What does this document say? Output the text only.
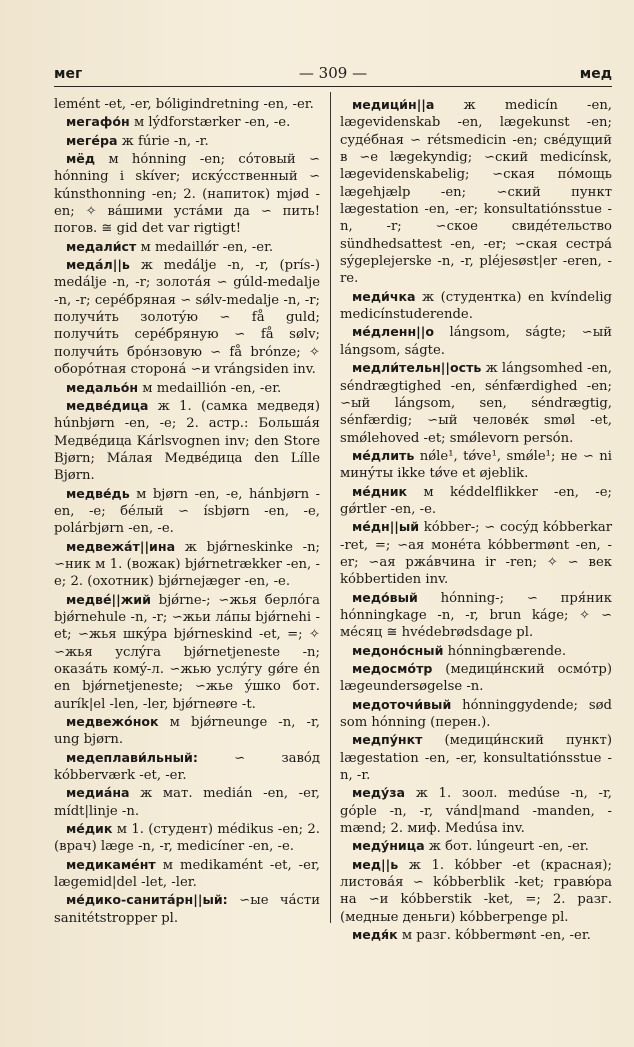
мег	— 309 —	мед

lemént -et, -er, bóligindretning -en, -er.

мегафо́н м lýdforstærker -en, -e.

мегéра ж fúrie -n, -r.

мёд м hónning -en; сóтовый ∽ hónning i skíver; искýсственный ∽ kúnsthonning -en; 2. (напиток) mjød -en; ✧ вáшими устáми да ∽ пить! погов. ≅ gid det var rigtigt!

медали́ст м medaillǿr -en, -er.

медáл||ь ж medálje -n, -r, (prís-) medálje -n, -r; золотáя ∽ gúld-medalje -n, -r; серéбряная ∽ sǿlv-medalje -n, -r; получи́ть золотýю ∽ få guld; получи́ть серéбряную ∽ få sølv; получи́ть брóнзовую ∽ få brónze; ✧ оборóтная сторонá ∽и vrángsiden inv.

медальо́н м medaillión -en, -er.

медве́дица ж 1. (самка медведя) húnbjørn -en, -e; 2. астр.: Большáя Медвéдица Kárlsvognen inv; den Store Bjørn; Мáлая Медвéдица den Lílle Bjørn.

медве́дь м bjørn -en, -e, hánbjørn -en, -e; бéлый ∽ ísbjørn -en, -e, polárbjørn -en, -e.

медвежáт||ина ж bjǿrneskinke -n; ∽ник м 1. (вожак) bjǿrnetrækker -en, -e; 2. (охотник) bjǿrnejæger -en, -e.

медвé||жий bjǿrne-; ∽жья берлóга bjǿrnehule -n, -r; ∽жьи лáпы bjǿrnehi -et; ∽жья шкýра bjǿrneskind -et, =; ✧ ∽жья услýга bjǿrnetjeneste -n; оказáть комý-л. ∽жью услýгу gǿre én en bjǿrnetjeneste; ∽жье ýшко бот. aurík|el -len, -ler, bjǿrneøre -t.

медвежóнок м bjǿrneunge -n, -r, ung bjørn.

медеплави́льный: ∽ завóд kóbberværk -et, -er.

медиáна ж мат. medián -en, -er, mídt|linje -n.

ме́дик м 1. (студент) médikus -en; 2. (врач) læge -n, -r, medicíner -en, -e.

медикамéнт м medikamént -et, -er, lægemid|del -let, -ler.

ме́дико-санитáрн||ый: ∽ые чáсти sanitétstropper pl.

медици́н||а ж medicín -en, lægevidenskab -en, lægekunst -en; судéбная ∽ rétsmedicin -en; свéдущий в ∽е lægekyndig; ∽ский medicínsk, lægevidenskabelig; ∽ская пóмощь lægehjælp -en; ∽ский пункт lægestation -en, -er; konsultatiónsstue -n, -r; ∽ское свидéтельство sündhedsattest -en, -er; ∽ская сестрá sýgeplejerske -n, -r, pléjesøst|er -eren, -re.

меди́чка ж (студентка) en kvíndelig medicínstuderende.

мéдленн||о lángsom, ságte; ∽ый lángsom, ságte.

медли́тельн||ость ж lángsomhed -en, séndrægtighed -en, sénfærdighed -en; ∽ый lángsom, sen, séndrægtig, sénfærdig; ∽ый человéк smøl -et, smǿlehoved -et; smǿlevorn persón.

мéдлить nǿle¹, tǿve¹, smǿle¹; не ∽ ni минýты ikke tǿve et øjeblik.

мéдник м kéddelflikker -en, -e; gǿrtler -en, -e.

мéдн||ый kóbber-; ∽ сосýд kóbberkar -ret, =; ∽ая монéта kóbbermønt -en, -er; ∽ая ржáвчина ir -ren; ✧ ∽ век kóbbertiden inv.

медо́вый hónning-; ∽ пря́ник hónningkage -n, -r, brun káge; ✧ ∽ мéсяц ≅ hvédebrødsdage pl.

медоно́сный hónningbærende.

медосмóтр (медици́нский осмóтр) lægeundersøgelse -n.

медоточи́вый hónninggydende; sød som hónning (перен.).

медпу́нкт (медици́нский пункт) lægestation -en, -er, konsultatiónsstue -n, -r.

меду́за ж 1. зоол. medúse -n, -r, góple -n, -r, vánd|mand -manden, -mænd; 2. миф. Medúsa inv.

меду́ница ж бот. lúngeurt -en, -er.

мед||ь ж 1. kóbber -et (красная); листовáя ∽ kóbberblik -ket; гравю́ра на ∽и kóbberstik -ket, =; 2. разг. (медные деньги) kóbberpenge pl.

медя́к м разг. kóbbermønt -en, -er.
